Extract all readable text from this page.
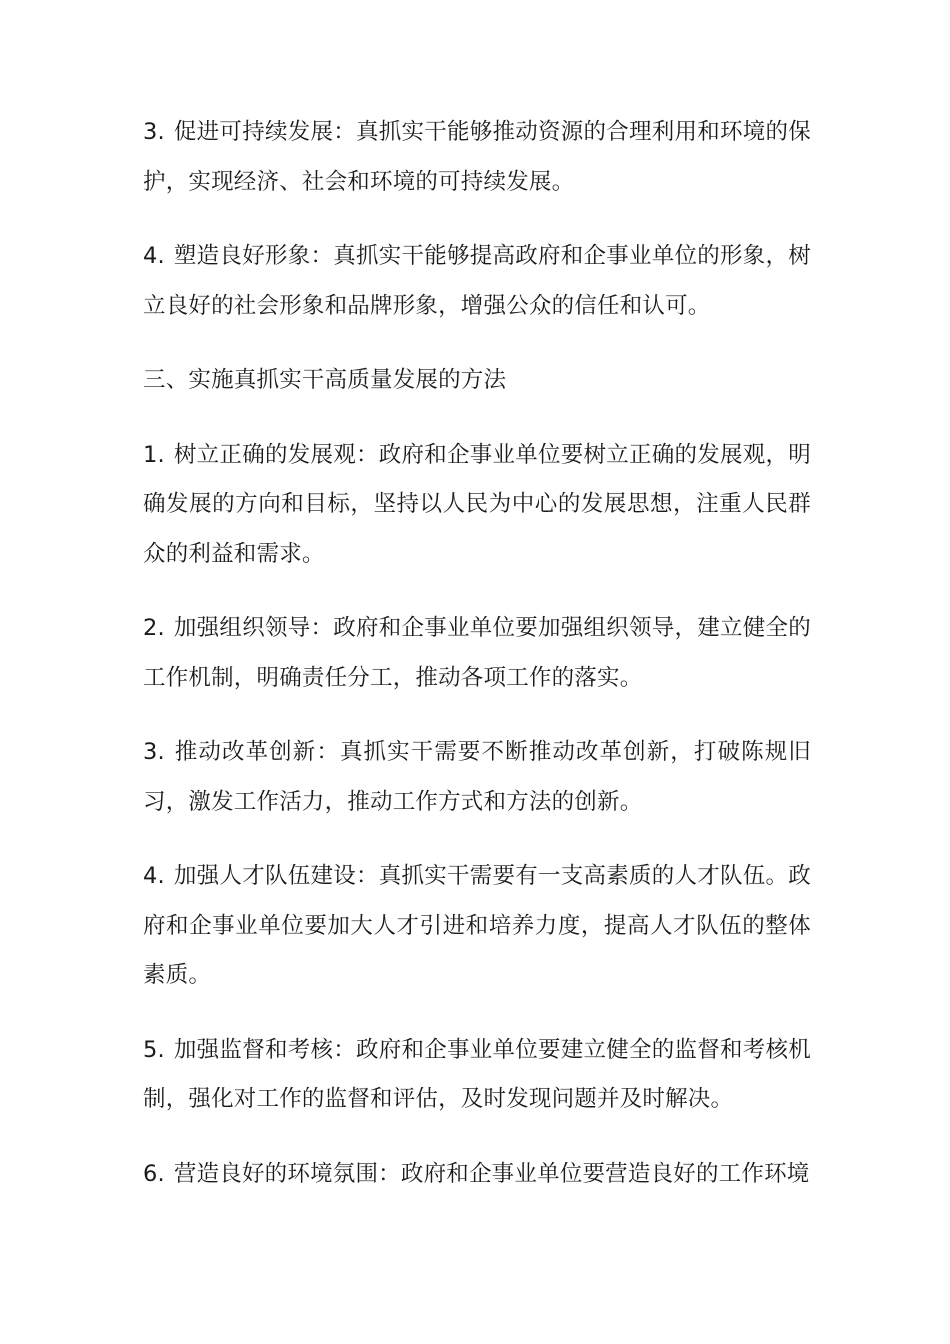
3. 促进可持续发展：真抓实干能够推动资源的合理利用和环境的保护，实现经济、社会和环境的可持续发展。

4. 塑造良好形象：真抓实干能够提高政府和企事业单位的形象，树立良好的社会形象和品牌形象，增强公众的信任和认可。

三、实施真抓实干高质量发展的方法

1. 树立正确的发展观：政府和企事业单位要树立正确的发展观，明确发展的方向和目标，坚持以人民为中心的发展思想，注重人民群众的利益和需求。

2. 加强组织领导：政府和企事业单位要加强组织领导，建立健全的工作机制，明确责任分工，推动各项工作的落实。

3. 推动改革创新：真抓实干需要不断推动改革创新，打破陈规旧习，激发工作活力，推动工作方式和方法的创新。

4. 加强人才队伍建设：真抓实干需要有一支高素质的人才队伍。政府和企事业单位要加大人才引进和培养力度，提高人才队伍的整体素质。

5. 加强监督和考核：政府和企事业单位要建立健全的监督和考核机制，强化对工作的监督和评估，及时发现问题并及时解决。

6. 营造良好的环境氛围：政府和企事业单位要营造良好的工作环境
